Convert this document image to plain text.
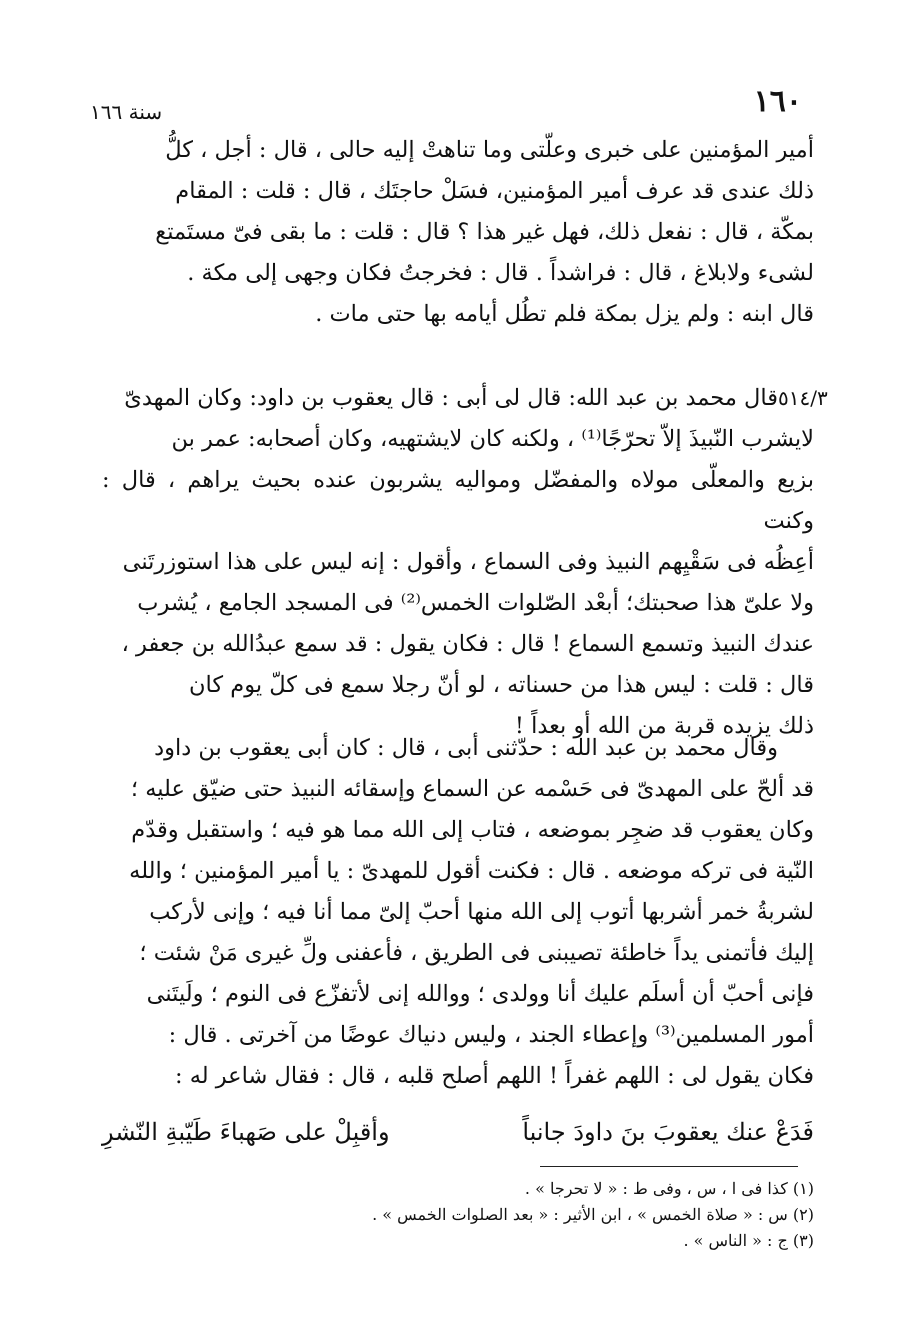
١٦٠
سنة ١٦٦

أمير المؤمنين على خبرى وعلّتى وما تناهتْ إليه حالى ، قال : أجل ، كلُّ

ذلك عندى قد عرف أمير المؤمنين، فسَلْ حاجتَك ، قال : قلت : المقام

بمكّة ، قال : نفعل ذلك، فهل غير هذا ؟ قال : قلت : ما بقى فىّ مستَمتع

لشىء ولابلاغ ، قال : فراشداً . قال : فخرجتُ فكان وجهى إلى مكة .

قال ابنه : ولم يزل بمكة فلم تطُل أيامه بها حتى مات .

٥١٤/٣

قال محمد بن عبد الله: قال لى أبى : قال يعقوب بن داود: وكان المهدىّ

لايشرب النّبيذَ إلاّ تحرّجًا⁽¹⁾ ، ولكنه كان لايشتهيه، وكان أصحابه: عمر بن

بزيع والمعلّى مولاه والمفضّل ومواليه يشربون عنده بحيث يراهم ، قال : وكنت

أعِظُه فى سَقْيِهم النبيذ وفى السماع ، وأقول : إنه ليس على هذا استوزرتَنى

ولا علىّ هذا صحبتك؛ أبعْد الصّلوات الخمس⁽²⁾ فى المسجد الجامع ، يُشرب

عندك النبيذ وتسمع السماع ! قال : فكان يقول : قد سمع عبدُالله بن جعفر ،

قال : قلت : ليس هذا من حسناته ، لو أنّ رجلا سمع فى كلّ يوم كان

ذلك يزيده قربة من الله أو بعداً !

وقال محمد بن عبد الله : حدّثنى أبى ، قال : كان أبى يعقوب بن داود

قد ألحّ على المهدىّ فى حَسْمه عن السماع وإسقائه النبيذ حتى ضيّق عليه ؛

وكان يعقوب قد ضجِر بموضعه ، فتاب إلى الله مما هو فيه ؛ واستقبل وقدّم

النّية فى تركه موضعه . قال : فكنت أقول للمهدىّ : يا أمير المؤمنين ؛ والله

لشربةُ خمر أشربها أتوب إلى الله منها أحبّ إلىّ مما أنا فيه ؛ وإنى لأركب

إليك فأتمنى يداً خاطئة تصيبنى فى الطريق ، فأعفنى ولِّ غيرى مَنْ شئت ؛

فإنى أحبّ أن أسلَم عليك أنا وولدى ؛ ووالله إنى لأتفزّع فى النوم ؛ ولَيتَنى

أمور المسلمين⁽³⁾ وإعطاء الجند ، وليس دنياك عوضًا من آخرتى . قال :

فكان يقول لى : اللهم غفراً ! اللهم أصلح قلبه ، قال : فقال شاعر له :

فَدَعْ عنك يعقوبَ بنَ داودَ جانباً
وأقبِلْ على صَهباءَ طَيّبةِ النّشرِ
(١) كذا فى ا ، س ، وفى ط : « لا تحرجا » .
(٢) س : « صلاة الخمس » ، ابن الأثير : « بعد الصلوات الخمس » .
(٣) ج : « الناس » .
